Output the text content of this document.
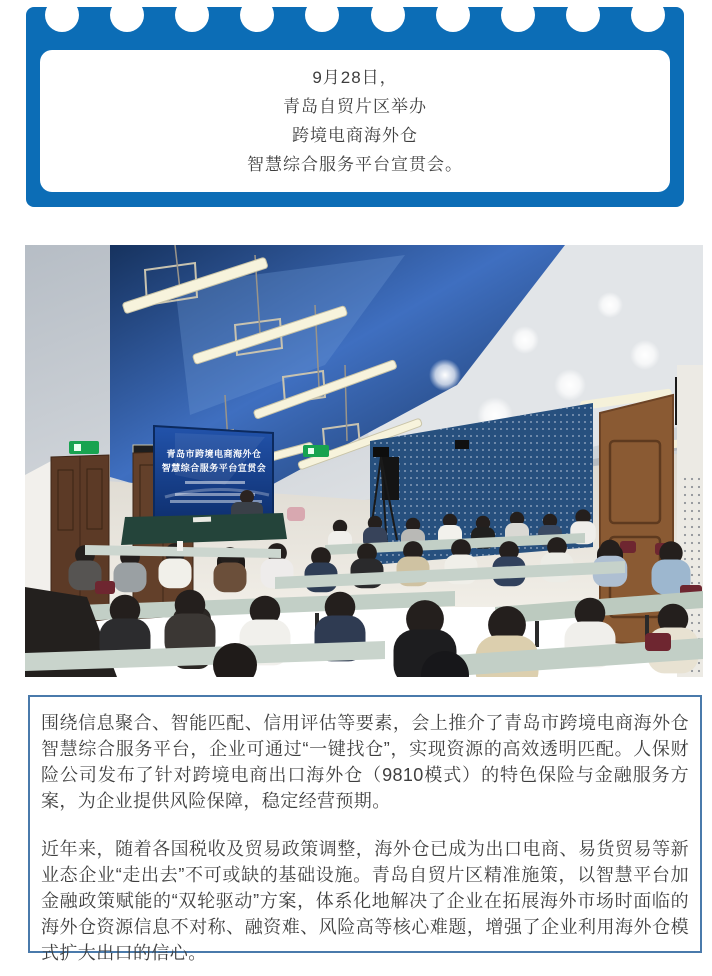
9月28日，

青岛自贸片区举办

跨境电商海外仓

智慧综合服务平台宣贯会。

青岛市跨境电商海外仓
智慧综合服务平台宣贯会

围绕信息聚合、智能匹配、信用评估等要素，会上推介了青岛市跨境电商海外仓智慧综合服务平台，企业可通过“一键找仓”，实现资源的高效透明匹配。人保财险公司发布了针对跨境电商出口海外仓（9810模式）的特色保险与金融服务方案，为企业提供风险保障，稳定经营预期。

近年来，随着各国税收及贸易政策调整，海外仓已成为出口电商、易货贸易等新业态企业“走出去”不可或缺的基础设施。青岛自贸片区精准施策，以智慧平台加金融政策赋能的“双轮驱动”方案，体系化地解决了企业在拓展海外市场时面临的海外仓资源信息不对称、融资难、风险高等核心难题，增强了企业利用海外仓模式扩大出口的信心。
